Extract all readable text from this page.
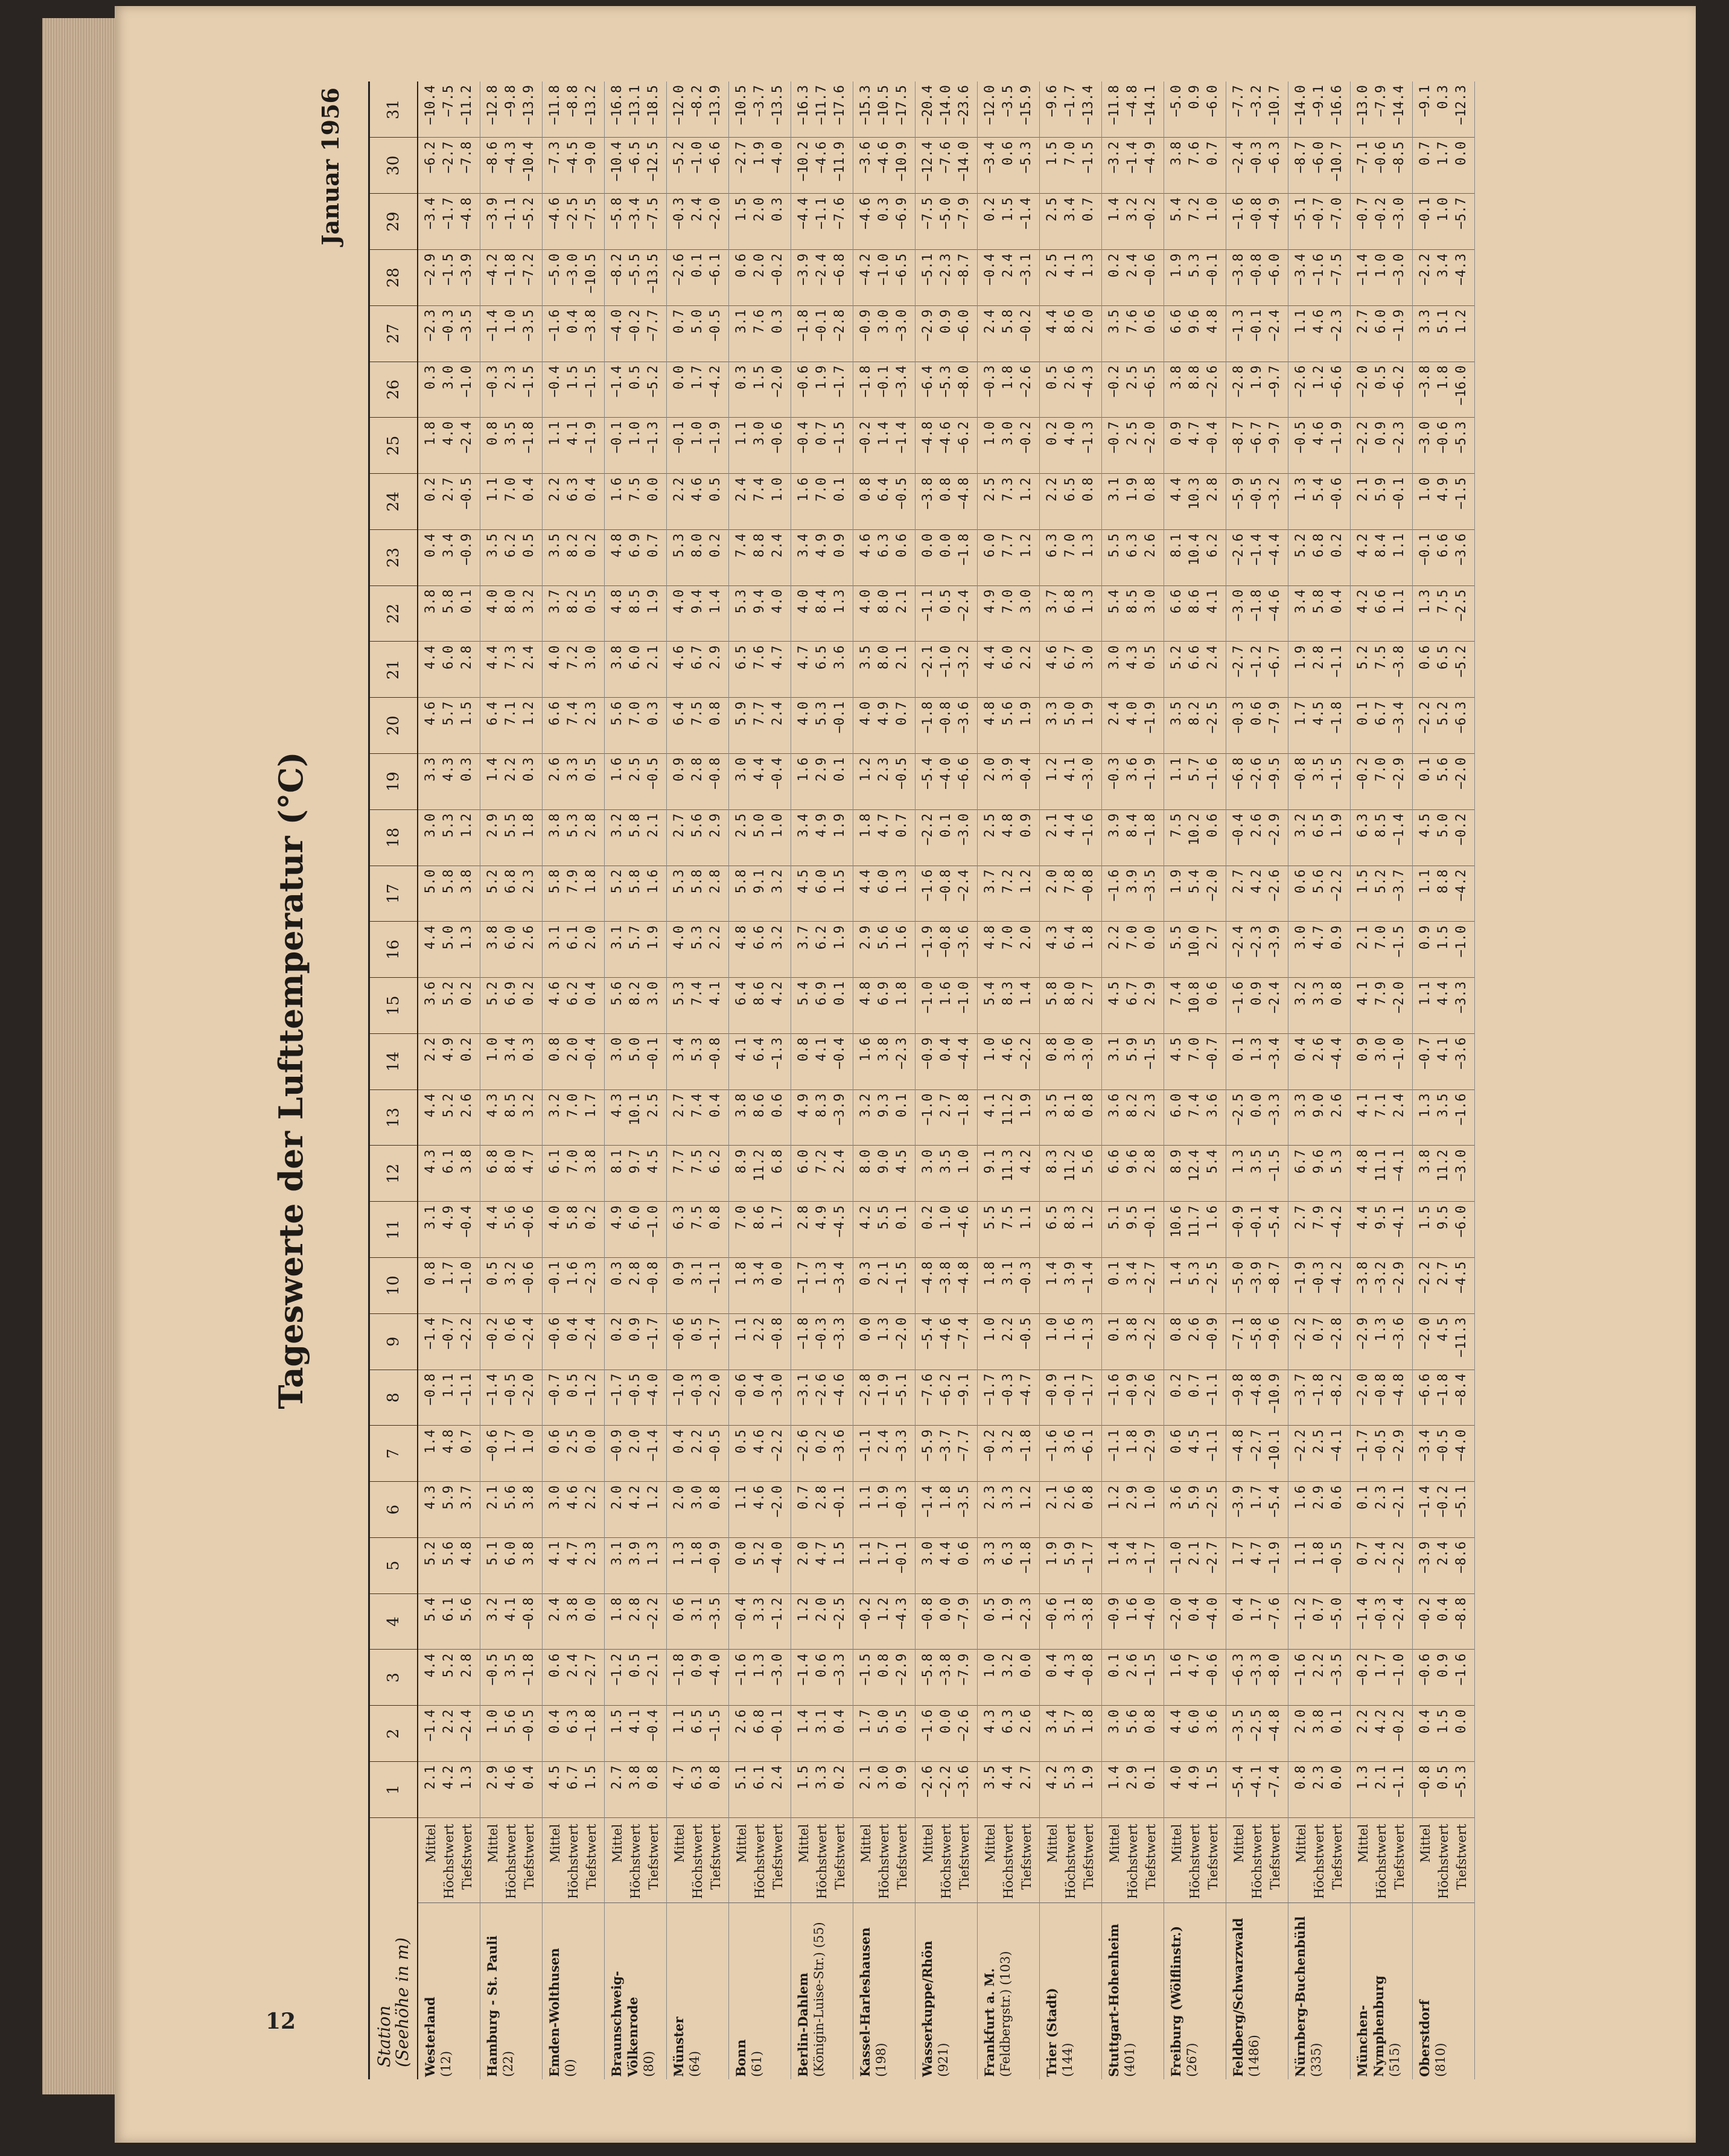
12
Tageswerte der Lufttemperatur (°C)
Januar 1956
Station
(Seehöhe in m)		1	2	3	4	5	6	7	8	9	10	11	12	13	14	15	16	17	18	19	20	21	22	23	24	25	26	27	28	29	30	31
Westerland (12)	Mittel Höchstwert Tiefstwert	2.1 4.2 1.3	−1.4 2.2 −2.4	4.4 5.2 2.8	5.4 6.1 5.6	5.2 5.6 4.8	4.3 5.9 3.7	1.4 4.8 0.7	−0.8 1.1 −1.1	−1.4 −0.7 −2.2	0.8 1.7 −1.0	3.1 4.9 −0.4	4.3 6.1 3.8	4.4 5.2 2.6	2.2 4.9 0.2	3.6 5.2 0.2	4.4 5.0 1.3	5.0 5.8 3.8	3.0 5.3 1.2	3.3 4.3 0.3	4.6 5.7 1.5	4.4 6.0 2.8	3.8 5.8 0.1	0.4 3.4 −0.9	0.2 2.7 −0.5	1.8 4.0 −2.4	0.3 3.0 −1.0	−2.3 −0.3 −3.5	−2.9 −1.5 −3.9	−3.4 −1.7 −4.8	−6.2 −2.7 −7.8	−10.4 −7.5 −11.2

Hamburg - St. Pauli (22)	Mittel Höchstwert Tiefstwert	2.9 4.6 0.4	1.0 5.6 −0.5	−0.5 3.5 −1.8	3.2 4.1 −0.8	5.1 6.0 3.8	2.1 5.6 3.8	−0.6 1.7 1.0	−1.4 −0.5 −2.0	−0.2 0.6 −2.4	0.5 3.2 −0.6	4.4 5.6 −0.6	6.8 8.0 4.7	4.3 8.5 3.2	1.0 3.4 0.3	5.2 6.9 0.2	3.8 6.0 2.6	5.2 6.8 2.3	2.9 5.5 1.8	1.4 2.2 0.3	6.4 7.1 1.2	4.4 7.3 2.4	4.0 8.0 3.2	3.5 6.2 0.5	1.1 7.0 0.4	0.8 3.5 −1.8	−0.3 2.3 −1.5	−1.4 1.0 −3.5	−4.2 −1.8 −7.2	−3.9 −1.1 −5.2	−8.6 −4.3 −10.4	−12.8 −9.8 −13.9

Emden-Wolthusen (0)	Mittel Höchstwert Tiefstwert	4.5 6.7 1.5	0.4 6.3 −1.8	0.6 2.4 −2.7	2.4 3.8 0.0	4.1 4.7 2.3	3.0 4.6 2.2	0.6 2.5 0.0	−0.7 0.5 −1.2	−0.6 0.4 −2.4	−0.1 1.6 −2.3	4.0 5.8 0.2	6.1 7.0 3.8	3.2 7.0 1.7	0.8 2.0 −0.4	4.6 6.2 0.4	3.1 6.1 2.0	5.8 7.9 1.8	3.8 5.3 2.8	2.6 3.3 0.5	6.6 7.4 2.3	4.0 7.2 3.0	3.7 8.2 0.5	3.5 8.2 0.2	2.2 6.3 0.4	1.1 4.1 −1.9	−0.4 1.5 −1.5	−1.6 0.4 −3.8	−5.0 −3.0 −10.5	−4.6 −2.5 −7.5	−7.3 −4.5 −9.0	−11.8 −8.8 −13.2

Braunschweig-Völkenrode (80)	Mittel Höchstwert Tiefstwert	2.7 3.8 0.8	1.5 4.1 −0.4	−1.2 0.5 −2.1	1.8 2.8 −2.2	3.1 3.9 1.3	2.0 4.2 1.2	−0.9 2.0 −1.4	−1.7 −0.5 −4.0	0.2 0.9 −1.7	0.3 2.8 −0.8	4.9 6.0 −1.0	8.1 9.7 4.5	4.3 10.1 2.5	3.0 5.0 −0.1	5.6 8.2 3.0	3.1 5.7 1.9	5.2 5.8 1.6	3.2 5.8 2.1	1.6 2.5 −0.5	5.6 7.0 0.3	3.8 6.0 2.1	4.8 8.5 1.9	4.8 6.9 0.7	1.6 7.5 0.0	−0.1 1.0 −1.3	−1.4 0.5 −5.2	−4.0 −0.2 −7.7	−8.2 −5.5 −13.5	−5.8 −3.4 −7.5	−10.4 −6.5 −12.5	−16.8 −13.1 −18.5

Münster (64)	Mittel Höchstwert Tiefstwert	4.7 6.3 0.8	1.1 6.5 −1.5	−1.8 0.9 −4.0	0.6 3.1 −3.5	1.3 1.8 −0.9	2.0 3.0 0.8	0.4 2.2 −0.5	−1.0 −0.3 −2.0	−0.6 0.5 −1.7	0.9 3.1 −1.1	6.3 7.5 0.8	7.7 7.5 6.2	2.7 7.4 0.4	3.4 5.3 −0.8	5.3 7.4 4.1	4.0 5.3 2.2	5.3 5.8 2.8	2.7 5.6 2.9	0.9 2.8 −0.8	6.4 7.5 0.8	4.6 6.7 2.9	4.0 9.4 1.4	5.3 8.0 0.2	2.2 4.6 0.5	−0.1 1.0 −1.9	0.0 1.7 −4.2	0.7 5.0 −0.5	−2.6 0.1 −6.1	−0.3 2.4 −2.0	−5.2 −1.0 −6.6	−12.0 −8.2 −13.9

Bonn (61)	Mittel Höchstwert Tiefstwert	5.1 6.1 2.4	2.6 6.8 −0.1	−1.6 1.3 −3.0	−0.4 3.3 −1.2	0.0 5.2 −4.0	1.1 4.6 −2.0	0.5 4.6 −2.2	−0.6 0.4 −3.0	1.1 2.2 −0.8	1.8 3.4 0.0	7.0 8.6 1.7	8.9 11.2 6.8	3.8 8.6 0.6	4.1 6.4 −1.3	6.4 8.6 4.2	4.8 6.6 3.2	5.8 9.1 3.2	2.5 5.0 1.0	3.0 4.4 −0.4	5.9 7.7 2.4	6.5 7.6 4.7	5.3 9.4 4.0	7.4 8.8 2.4	2.4 7.4 1.0	1.1 3.0 −0.6	0.3 1.5 −2.0	3.1 7.6 0.3	0.6 2.0 −0.2	1.5 2.0 0.3	−2.7 1.9 −4.0	−10.5 −3.7 −13.5

Berlin-Dahlem (Königin-Luise-Str.) (55)	Mittel Höchstwert Tiefstwert	1.5 3.3 0.2	1.4 3.1 0.4	−1.4 0.6 −3.3	1.2 2.0 −2.5	2.0 4.7 1.5	0.7 2.8 −0.1	−2.6 0.2 −3.6	−3.1 −2.6 −4.6	−1.8 −0.3 −3.3	−1.7 1.3 −3.4	2.8 4.9 −4.5	6.0 7.2 2.4	4.9 8.3 −3.9	0.8 4.1 −0.4	5.4 6.9 0.1	3.7 6.2 1.9	4.5 6.0 1.5	3.4 4.9 1.9	1.6 2.9 0.1	4.0 5.3 −0.1	4.7 6.5 3.6	4.0 8.4 1.3	3.4 4.9 0.9	1.6 7.0 0.1	−0.4 0.7 −1.5	−0.6 1.9 −1.7	−1.8 −0.1 −2.8	−3.9 −2.4 −6.8	−4.4 −1.1 −7.6	−10.2 −4.6 −11.9	−16.3 −11.7 −17.6

Kassel-Harleshausen (198)	Mittel Höchstwert Tiefstwert	2.1 3.0 0.9	1.7 5.0 0.5	−1.5 0.8 −2.9	−0.2 1.2 −4.3	1.1 1.7 −0.1	1.1 1.9 −0.3	−1.1 2.4 −3.3	−2.8 −1.9 −5.1	0.0 1.3 −2.0	0.3 2.1 −1.5	4.2 5.5 0.1	8.0 9.0 4.5	3.2 9.3 0.1	1.6 3.8 −2.3	4.8 6.9 1.8	2.9 5.6 1.6	4.4 6.0 1.3	1.8 4.7 0.7	1.2 2.3 −0.5	4.0 4.9 0.7	3.5 8.0 2.1	4.0 8.0 2.1	4.6 6.3 0.6	0.8 6.4 −0.5	−0.2 1.4 −1.4	−1.8 −0.1 −3.4	−0.9 3.0 −3.0	−4.2 −1.0 −6.5	−4.6 0.3 −6.9	−3.6 −4.6 −10.9	−15.3 −10.5 −17.5

Wasserkuppe/Rhön (921)	Mittel Höchstwert Tiefstwert	−2.6 −2.2 −3.6	−1.6 0.0 −2.6	−5.8 −3.8 −7.9	−0.8 0.0 −7.9	3.0 4.4 0.6	−1.4 1.8 −3.5	−5.9 −3.7 −7.7	−7.6 −6.2 −9.1	−5.4 −4.6 −7.4	−4.8 −3.8 −4.8	0.2 1.0 −4.6	3.0 3.5 1.0	−1.0 2.7 −1.8	−0.9 0.4 −4.4	−1.0 1.6 −1.0	−1.9 −0.8 −3.6	−1.6 −0.8 −2.4	−2.2 0.1 −3.0	−5.4 −4.0 −6.6	−1.8 −0.8 −3.6	−2.1 −1.0 −3.2	−1.1 0.5 −2.4	0.0 0.0 −1.8	−3.8 0.8 −4.8	−4.8 −4.6 −6.2	−6.4 −5.3 −8.0	−2.9 0.9 −6.0	−5.1 −2.3 −8.7	−7.5 −5.0 −7.9	−12.4 −7.6 −14.0	−20.4 −14.0 −23.6

Frankfurt a. M. (Feldbergstr.) (103)	Mittel Höchstwert Tiefstwert	3.5 4.4 2.7	4.3 6.3 2.6	1.0 3.2 0.0	0.5 1.9 −2.3	3.3 6.3 −1.8	2.3 3.3 1.2	−0.2 3.2 −1.8	−1.7 −0.3 −4.7	1.0 2.2 −0.5	1.8 3.1 −0.3	5.5 7.5 1.1	9.1 11.3 4.2	4.1 11.2 1.9	1.0 4.6 −2.2	5.4 8.3 1.4	4.8 7.0 2.0	3.7 7.2 1.2	2.5 4.8 0.9	2.0 3.9 −0.4	4.8 5.6 1.9	4.4 6.0 2.2	4.9 7.0 3.0	6.0 7.7 1.2	2.5 7.3 1.2	1.0 3.0 −0.2	−0.3 1.8 −2.6	2.4 5.8 −0.2	−0.4 2.4 −3.1	0.2 1.5 −1.4	−3.4 0.6 −5.3	−12.0 −3.5 −15.9

Trier (Stadt) (144)	Mittel Höchstwert Tiefstwert	4.2 5.3 1.9	3.4 5.7 1.8	0.4 4.3 −0.8	−0.6 3.1 −3.8	1.9 5.9 −1.7	2.1 2.6 0.8	−1.6 3.6 −6.1	−0.9 −0.1 −1.7	1.0 1.6 −1.3	1.4 3.9 −1.4	6.5 8.3 1.2	8.3 11.2 5.6	3.5 8.1 0.8	0.8 3.0 −3.0	5.8 8.0 2.7	4.3 6.4 1.8	2.0 7.8 −0.8	2.1 4.4 −1.6	1.2 4.1 −3.0	3.3 5.0 1.9	4.6 6.7 3.0	3.7 6.8 1.3	6.3 7.0 1.3	2.2 6.5 0.8	0.2 4.0 −1.3	0.5 2.6 −4.3	4.4 8.6 2.0	2.5 4.1 1.3	2.5 3.4 0.7	1.5 7.0 −1.5	−9.6 −1.7 −13.4

Stuttgart-Hohenheim (401)	Mittel Höchstwert Tiefstwert	1.4 2.9 0.1	3.0 5.6 0.8	0.1 2.6 −1.5	−0.9 1.6 −4.0	1.4 3.4 −1.7	1.2 2.9 1.0	−1.1 1.8 −2.9	−1.6 −0.9 −2.6	0.1 3.8 −2.2	0.1 3.4 −2.7	5.1 9.5 −0.1	6.6 9.6 2.8	3.6 8.2 2.3	3.1 5.9 −1.5	4.5 6.7 2.9	2.2 7.0 0.0	−1.6 3.9 −3.5	3.9 8.4 −1.8	−0.3 3.6 −1.9	2.4 4.0 −1.9	3.0 4.3 0.5	5.4 8.5 3.0	5.5 6.3 2.6	3.1 1.9 0.8	−0.7 2.5 −2.0	−0.2 2.5 −6.5	3.5 7.6 0.6	0.2 2.4 −0.6	1.4 3.2 −0.2	−3.2 −1.4 −4.9	−11.8 −4.8 −14.1

Freiburg (Wölflinstr.) (267)	Mittel Höchstwert Tiefstwert	4.0 4.9 1.5	4.4 6.0 3.6	1.6 4.7 −0.6	−2.0 0.4 −4.0	−1.0 2.1 −2.7	3.6 5.9 −2.5	0.6 4.5 −1.1	0.2 0.7 −1.1	0.8 2.6 −0.9	1.4 5.3 −2.5	10.6 11.7 1.6	8.9 12.4 5.4	6.0 7.4 3.6	4.5 7.0 −0.7	7.4 10.8 0.6	5.5 10.0 2.7	1.9 5.4 −2.0	7.5 10.2 0.6	1.1 5.7 −1.6	3.5 8.2 −2.5	5.2 6.6 2.4	6.6 8.6 4.1	8.1 10.4 6.2	4.4 10.3 2.8	0.9 4.7 −0.4	3.8 8.8 −2.6	6.6 9.6 4.8	1.9 5.3 −0.1	5.4 7.2 1.0	3.8 7.6 0.7	−5.0 0.9 −6.0

Feldberg/Schwarzwald (1486)	Mittel Höchstwert Tiefstwert	−5.4 −4.1 −7.4	−3.5 −2.5 −4.8	−6.3 −3.3 −8.0	0.4 1.7 −7.6	1.7 4.7 −1.9	−3.9 1.7 −5.4	−4.8 −2.7 −10.1	−9.8 −4.8 −10.9	−7.1 −5.8 −9.6	−5.0 −3.9 −8.7	−0.9 −0.1 −5.4	1.3 3.5 −1.5	−2.5 0.0 −3.3	0.1 1.3 −3.4	−1.6 0.9 −2.4	−2.4 −2.3 −3.9	2.7 4.2 −2.6	−0.4 2.6 −2.9	−6.8 −2.6 −9.5	−0.3 0.6 −7.9	−2.7 −1.2 −6.7	−3.0 −1.8 −4.6	−2.6 −1.4 −4.4	−5.9 −0.5 −3.2	−8.7 −6.7 −9.7	−2.8 1.9 −9.7	−1.3 −0.1 −2.4	−3.8 −0.8 −6.0	−1.6 −0.8 −4.9	−2.4 −0.3 −6.3	−7.7 −3.2 −10.7

Nürnberg-Buchenbühl (335)	Mittel Höchstwert Tiefstwert	0.8 2.3 0.0	2.0 3.8 0.1	−1.6 2.2 −3.5	−1.2 0.7 −5.0	1.1 1.8 −0.5	1.6 2.9 0.6	−2.2 2.5 −4.1	−3.7 −1.8 −8.2	−2.2 0.7 −2.8	−1.9 −0.3 −4.2	2.7 7.9 −4.2	6.7 9.6 5.3	3.3 9.0 2.6	0.4 2.6 −4.4	3.2 3.3 0.8	3.0 4.7 0.9	0.6 5.6 −2.2	3.2 6.5 1.9	−0.8 3.5 −1.5	1.7 4.5 −1.8	1.9 2.8 −1.1	3.4 5.8 0.4	5.2 6.8 0.2	1.3 5.4 −0.6	−0.5 4.6 −1.9	−2.6 1.2 −6.6	1.1 4.6 −2.3	−3.4 −1.6 −7.5	−5.1 −0.7 −7.0	−8.7 −6.0 −10.7	−14.0 −9.1 −16.6

München-Nymphenburg (515)	Mittel Höchstwert Tiefstwert	1.3 2.1 −1.1	2.2 4.2 −0.2	−0.2 1.7 −1.0	−1.4 −0.3 −2.4	0.7 2.4 −2.2	0.1 2.3 −2.1	−1.7 −0.5 −2.9	−2.0 −0.8 −4.8	−2.9 1.3 −3.6	−3.8 −3.2 −2.9	4.4 9.5 −4.1	4.8 11.1 −4.1	4.1 7.1 2.4	0.9 3.0 −1.0	4.1 7.9 −2.0	2.1 7.0 −1.5	1.5 5.2 −3.7	6.3 8.5 −1.4	−0.2 7.0 −2.9	0.1 6.7 −3.4	5.2 7.5 −3.8	4.2 6.6 1.1	4.2 8.4 1.1	2.1 5.9 −0.1	−2.2 0.9 −2.3	−2.0 0.5 −6.2	2.7 6.0 −1.9	−1.4 1.0 −3.0	−0.7 −0.2 −3.0	−7.1 −0.6 −8.5	−13.0 −7.9 −14.4

Oberstdorf (810)	Mittel Höchstwert Tiefstwert	−0.8 0.5 −5.3	0.4 1.5 0.0	−0.6 0.9 −1.6	−0.2 0.4 −8.8	−3.9 2.4 −8.6	−1.4 −0.2 −5.1	−3.4 −0.5 −4.0	−6.6 −1.8 −8.4	−2.0 4.5 −11.3	−2.2 2.7 −4.5	1.5 9.5 −6.0	3.8 11.2 −3.0	1.3 3.5 −1.6	−0.7 4.1 −3.6	1.1 4.4 −3.3	0.9 1.5 −1.0	1.1 8.8 −4.2	4.5 5.0 −0.2	0.1 5.6 −2.0	−2.2 5.2 −6.3	0.6 6.5 −5.2	1.3 7.5 −2.5	−0.1 6.6 −3.6	1.0 4.9 −1.5	−3.0 −0.6 −5.3	−3.8 1.8 −16.0	3.3 5.1 1.2	−2.2 3.4 −4.3	−0.1 1.0 −5.7	0.7 1.7 0.0	−9.1 0.3 −12.3
